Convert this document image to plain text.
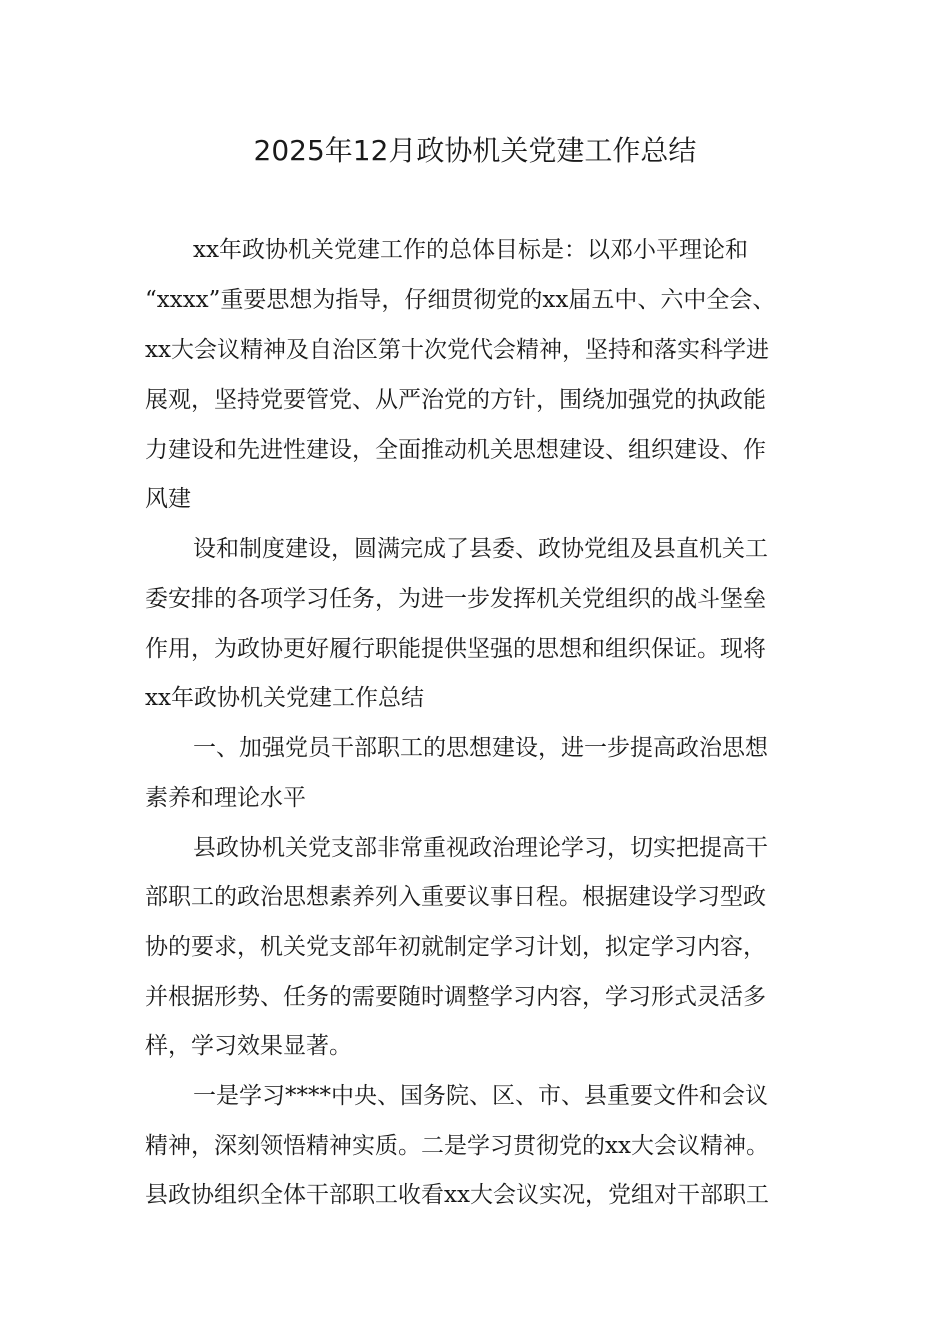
2025年12月政协机关党建工作总结
xx年政协机关党建工作的总体目标是：以邓小平理论和
“xxxx”重要思想为指导，仔细贯彻党的xx届五中、六中全会、
xx大会议精神及自治区第十次党代会精神，坚持和落实科学进
展观，坚持党要管党、从严治党的方针，围绕加强党的执政能
力建设和先进性建设，全面推动机关思想建设、组织建设、作
风建
设和制度建设，圆满完成了县委、政协党组及县直机关工
委安排的各项学习任务，为进一步发挥机关党组织的战斗堡垒
作用，为政协更好履行职能提供坚强的思想和组织保证。现将
xx年政协机关党建工作总结
一、加强党员干部职工的思想建设，进一步提高政治思想
素养和理论水平
县政协机关党支部非常重视政治理论学习，切实把提高干
部职工的政治思想素养列入重要议事日程。根据建设学习型政
协的要求，机关党支部年初就制定学习计划，拟定学习内容，
并根据形势、任务的需要随时调整学习内容，学习形式灵活多
样，学习效果显著。
一是学习****中央、国务院、区、市、县重要文件和会议
精神，深刻领悟精神实质。二是学习贯彻党的xx大会议精神。
县政协组织全体干部职工收看xx大会议实况，党组对干部职工
